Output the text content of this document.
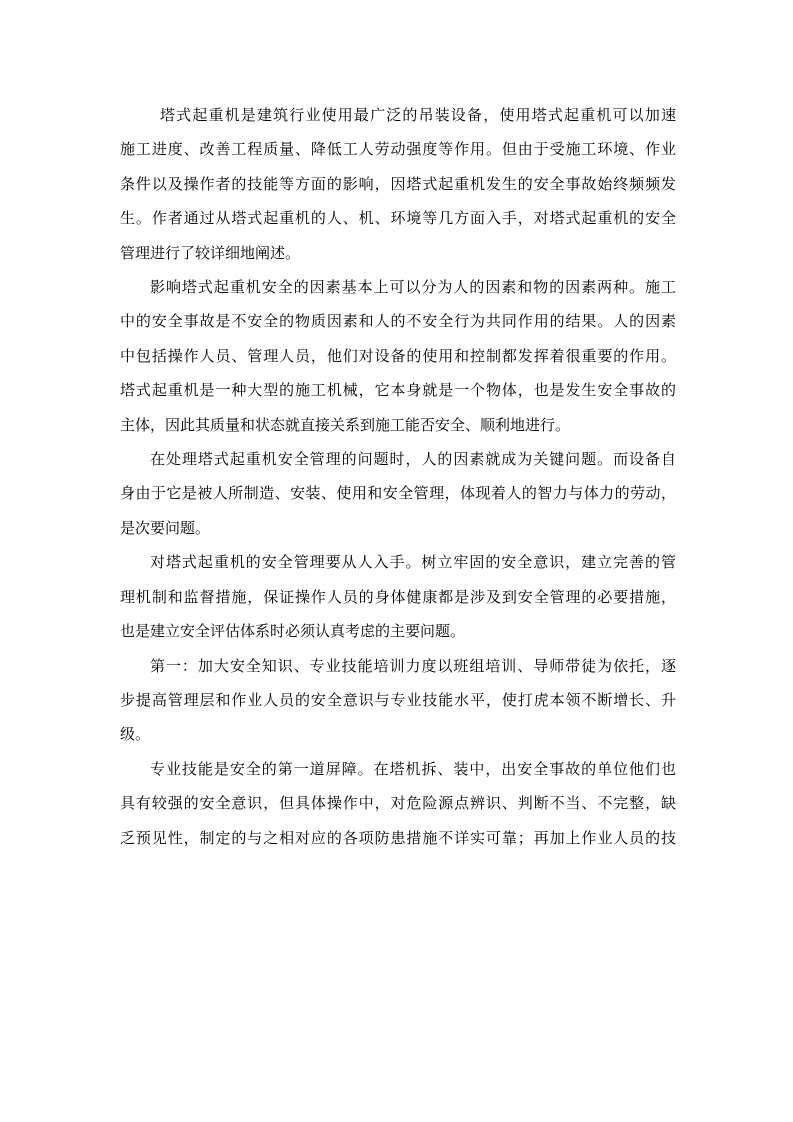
塔式起重机是建筑行业使用最广泛的吊装设备，使用塔式起重机可以加速
施工进度、改善工程质量、降低工人劳动强度等作用。但由于受施工环境、作业
条件以及操作者的技能等方面的影响，因塔式起重机发生的安全事故始终频频发
生。作者通过从塔式起重机的人、机、环境等几方面入手，对塔式起重机的安全
管理进行了较详细地阐述。
影响塔式起重机安全的因素基本上可以分为人的因素和物的因素两种。施工
中的安全事故是不安全的物质因素和人的不安全行为共同作用的结果。人的因素
中包括操作人员、管理人员，他们对设备的使用和控制都发挥着很重要的作用。
塔式起重机是一种大型的施工机械，它本身就是一个物体，也是发生安全事故的
主体，因此其质量和状态就直接关系到施工能否安全、顺利地进行。
在处理塔式起重机安全管理的问题时，人的因素就成为关键问题。而设备自
身由于它是被人所制造、安装、使用和安全管理，体现着人的智力与体力的劳动，
是次要问题。
对塔式起重机的安全管理要从人入手。树立牢固的安全意识，建立完善的管
理机制和监督措施，保证操作人员的身体健康都是涉及到安全管理的必要措施，
也是建立安全评估体系时必须认真考虑的主要问题。
第一：加大安全知识、专业技能培训力度以班组培训、导师带徒为依托，逐
步提高管理层和作业人员的安全意识与专业技能水平，使打虎本领不断增长、升
级。
专业技能是安全的第一道屏障。在塔机拆、装中，出安全事故的单位他们也
具有较强的安全意识，但具体操作中，对危险源点辨识、判断不当、不完整，缺
乏预见性，制定的与之相对应的各项防患措施不详实可靠；再加上作业人员的技
